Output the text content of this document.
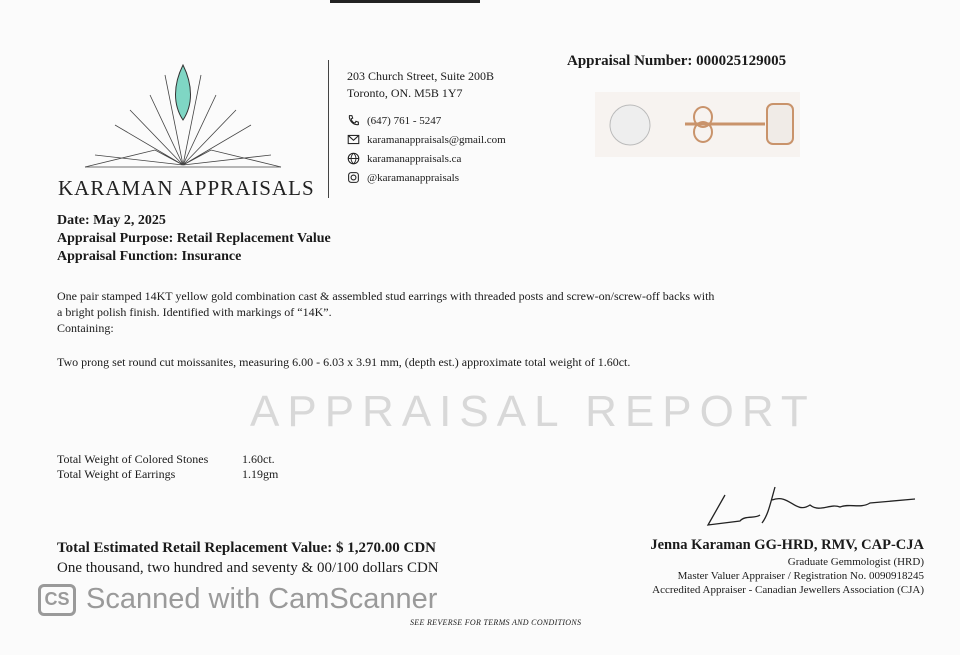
KARAMAN APPRAISALS
203 Church Street, Suite 200B
Toronto, ON. M5B 1Y7
(647) 761 - 5247
karamanappraisals@gmail.com
karamanappraisals.ca
@karamanappraisals
Appraisal Number: 000025129005
APPRAISAL REPORT
Date: May 2, 2025
Appraisal Purpose: Retail Replacement Value
Appraisal Function: Insurance
One pair stamped 14KT yellow gold combination cast & assembled stud earrings with threaded posts and screw-on/screw-off backs with
a bright polish finish. Identified with markings of “14K”.
Containing:
Two prong set round cut moissanites, measuring 6.00 - 6.03 x 3.91 mm, (depth est.) approximate total weight of 1.60ct.
Total Weight of Colored Stones	1.60ct.
Total Weight of Earrings	1.19gm
Total Estimated Retail Replacement Value: $ 1,270.00 CDN
One thousand, two hundred and seventy & 00/100 dollars CDN
Jenna Karaman GG-HRD, RMV, CAP-CJA
Graduate Gemmologist (HRD)
Master Valuer Appraiser / Registration No. 0090918245
Accredited Appraiser - Canadian Jewellers Association (CJA)
CS Scanned with CamScanner
SEE REVERSE FOR TERMS AND CONDITIONS
